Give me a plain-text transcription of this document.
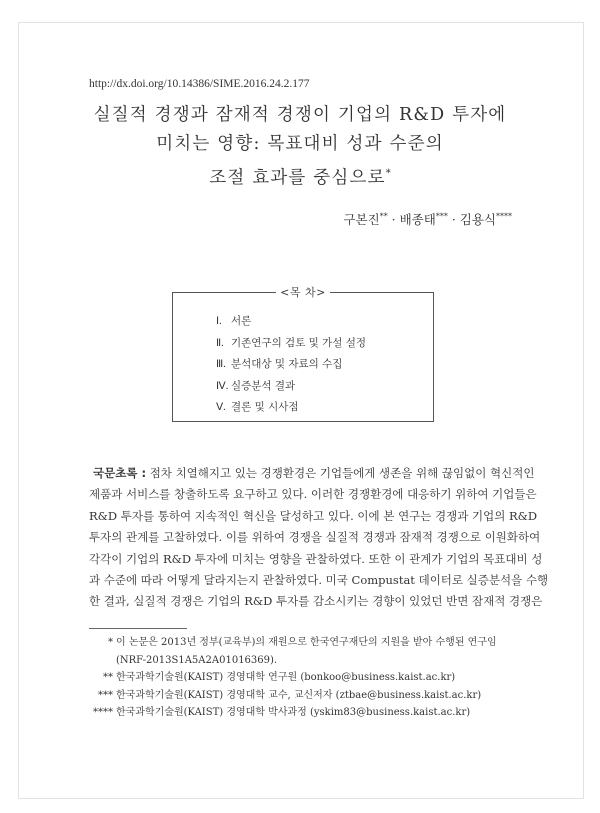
http://dx.doi.org/10.14386/SIME.2016.24.2.177
실질적 경쟁과 잠재적 경쟁이 기업의 R&D 투자에
미치는 영향: 목표대비 성과 수준의
조절 효과를 중심으로*
구본진** · 배종태*** · 김용식****
<목 차>
Ⅰ. 서론
Ⅱ. 기존연구의 검토 및 가설 설정
Ⅲ. 분석대상 및 자료의 수집
Ⅳ. 실증분석 결과
Ⅴ. 결론 및 시사점
국문초록 : 점차 치열해지고 있는 경쟁환경은 기업들에게 생존을 위해 끊임없이 혁신적인
제품과 서비스를 창출하도록 요구하고 있다. 이러한 경쟁환경에 대응하기 위하여 기업들은
R&D 투자를 통하여 지속적인 혁신을 달성하고 있다. 이에 본 연구는 경쟁과 기업의 R&D
투자의 관계를 고찰하였다. 이를 위하여 경쟁을 실질적 경쟁과 잠재적 경쟁으로 이원화하여
각각이 기업의 R&D 투자에 미치는 영향을 관찰하였다. 또한 이 관계가 기업의 목표대비 성
과 수준에 따라 어떻게 달라지는지 관찰하였다. 미국 Compustat 데이터로 실증분석을 수행
한 결과, 실질적 경쟁은 기업의 R&D 투자를 감소시키는 경향이 있었던 반면 잠재적 경쟁은
* 이 논문은 2013년 정부(교육부)의 재원으로 한국연구재단의 지원을 받아 수행된 연구임
(NRF-2013S1A5A2A01016369).
** 한국과학기술원(KAIST) 경영대학 연구원 (bonkoo@business.kaist.ac.kr)
*** 한국과학기술원(KAIST) 경영대학 교수, 교신저자 (ztbae@business.kaist.ac.kr)
**** 한국과학기술원(KAIST) 경영대학 박사과정 (yskim83@business.kaist.ac.kr)
